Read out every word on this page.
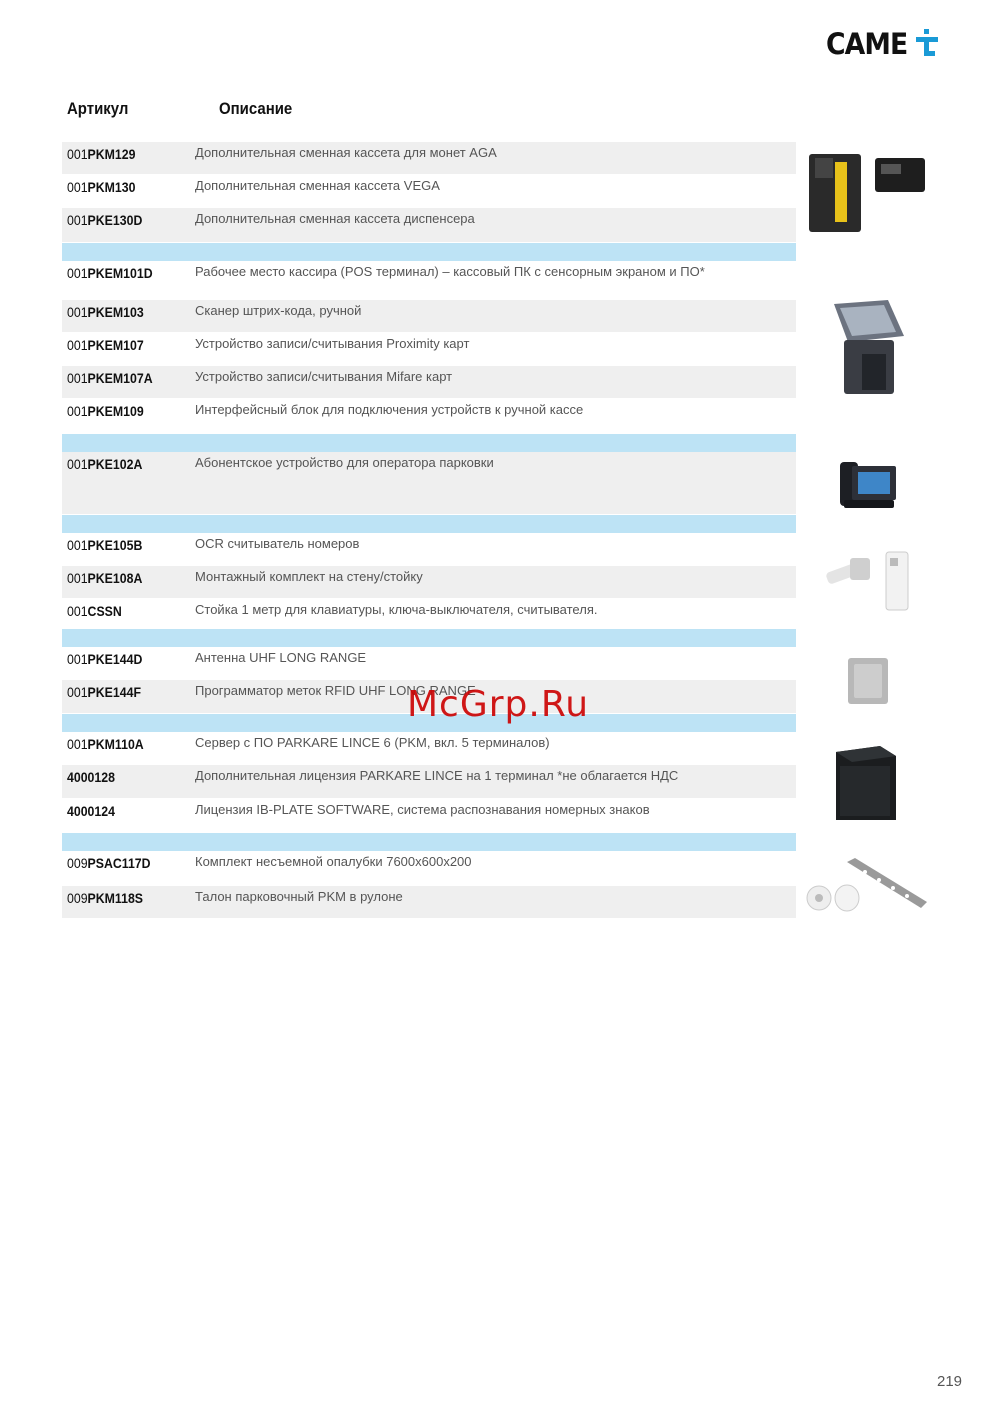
CAME
Артикул	Описание
001PKM129	Дополнительная сменная кассета для монет AGA
001PKM130	Дополнительная сменная кассета VEGA
001PKE130D	Дополнительная сменная кассета диспенсера
001PKEM101D	Рабочее место кассира (POS терминал) – кассовый ПК с сенсорным экраном и ПО*
001PKEM103	Сканер штрих-кода, ручной
001PKEM107	Устройство записи/считывания Proximity карт
001PKEM107A	Устройство записи/считывания Mifare карт
001PKEM109	Интерфейсный блок для подключения устройств к ручной кассе
001PKE102A	Абонентское устройство для оператора парковки
001PKE105B	OCR считыватель номеров
001PKE108A	Монтажный комплект на стену/стойку
001CSSN	Стойка 1 метр для клавиатуры, ключа-выключателя, считывателя.
001PKE144D	Антенна UHF LONG RANGE
001PKE144F	Программатор меток RFID UHF LONG RANGE
001PKM110A	Сервер с ПО PARKARE LINCE 6 (PKM, вкл. 5 терминалов)
4000128	Дополнительная лицензия PARKARE LINCE на 1 терминал *не облагается НДС
4000124	Лицензия IB-PLATE SOFTWARE, система распознавания номерных знаков
009PSAC117D	Комплект несъемной опалубки 7600x600x200
009PKM118S	Талон парковочный PKM в рулоне
McGrp.Ru
219
